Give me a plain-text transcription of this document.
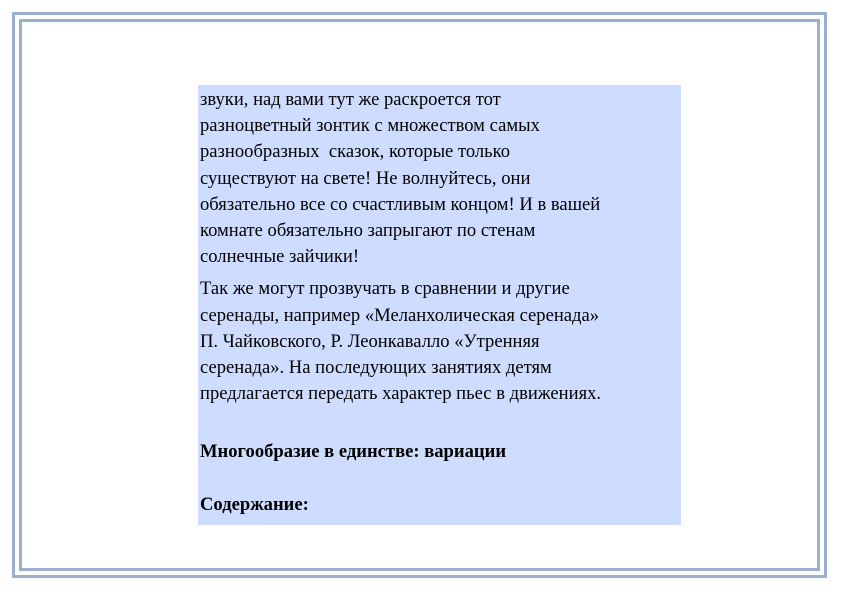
звуки, над вами тут же раскроется тот
разноцветный зонтик с множеством самых
разнообразных  сказок, которые только
существуют на свете! Не волнуйтесь, они
обязательно все со счастливым концом! И в вашей
комнате обязательно запрыгают по стенам
солнечные зайчики!
Так же могут прозвучать в сравнении и другие
серенады, например «Меланхолическая серенада»
П. Чайковского, Р. Леонкавалло «Утренняя
серенада». На последующих занятиях детям
предлагается передать характер пьес в движениях.
Многообразие в единстве: вариации
Содержание:
